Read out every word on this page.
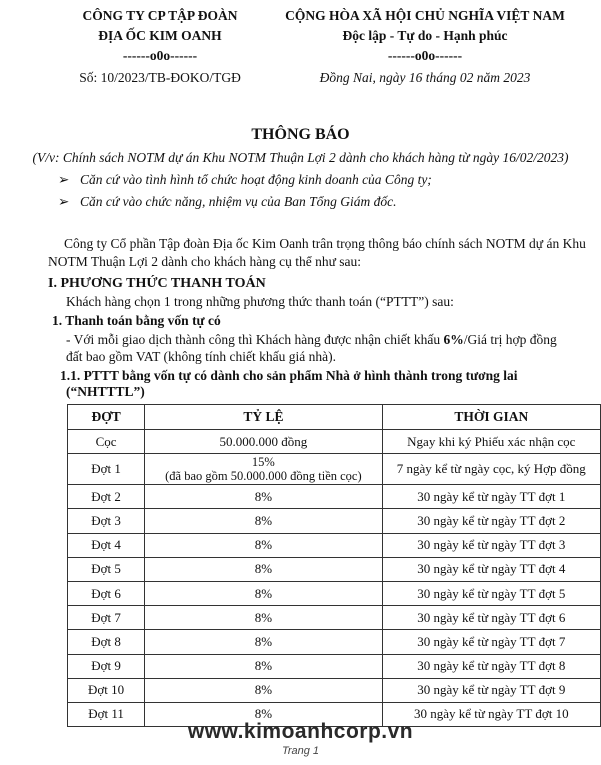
CÔNG TY CP TẬP ĐOÀN
ĐỊA ỐC KIM OANH
------o0o------
Số: 10/2023/TB-ĐOKO/TGĐ
CỘNG HÒA XÃ HỘI CHỦ NGHĨA VIỆT NAM
Độc lập - Tự do - Hạnh phúc
------o0o------
Đồng Nai, ngày 16 tháng 02 năm 2023
THÔNG BÁO
(V/v: Chính sách NOTM dự án Khu NOTM Thuận Lợi 2 dành cho khách hàng từ ngày 16/02/2023)
➢ Căn cứ vào tình hình tổ chức hoạt động kinh doanh của Công ty;
➢ Căn cứ vào chức năng, nhiệm vụ của Ban Tổng Giám đốc.
Công ty Cổ phần Tập đoàn Địa ốc Kim Oanh trân trọng thông báo chính sách NOTM dự án Khu
NOTM Thuận Lợi 2 dành cho khách hàng cụ thể như sau:
I. PHƯƠNG THỨC THANH TOÁN
Khách hàng chọn 1 trong những phương thức thanh toán (“PTTT”) sau:
1. Thanh toán bằng vốn tự có
- Với mỗi giao dịch thành công thì Khách hàng được nhận chiết khấu 6%/Giá trị hợp đồng
đất bao gồm VAT (không tính chiết khấu giá nhà).
1.1. PTTT bằng vốn tự có dành cho sản phẩm Nhà ở hình thành trong tương lai
(“NHTTTL”)
ĐỢT	TỶ LỆ	THỜI GIAN
Cọc	50.000.000 đồng	Ngay khi ký Phiếu xác nhận cọc
Đợt 1	15%
(đã bao gồm 50.000.000 đồng tiền cọc)	7 ngày kể từ ngày cọc, ký Hợp đồng
Đợt 2	8%	30 ngày kể từ ngày TT đợt 1
Đợt 3	8%	30 ngày kể từ ngày TT đợt 2
Đợt 4	8%	30 ngày kể từ ngày TT đợt 3
Đợt 5	8%	30 ngày kể từ ngày TT đợt 4
Đợt 6	8%	30 ngày kể từ ngày TT đợt 5
Đợt 7	8%	30 ngày kể từ ngày TT đợt 6
Đợt 8	8%	30 ngày kể từ ngày TT đợt 7
Đợt 9	8%	30 ngày kể từ ngày TT đợt 8
Đợt 10	8%	30 ngày kể từ ngày TT đợt 9
Đợt 11	8%	30 ngày kể từ ngày TT đợt 10
www.kimoanhcorp.vn
Trang 1
